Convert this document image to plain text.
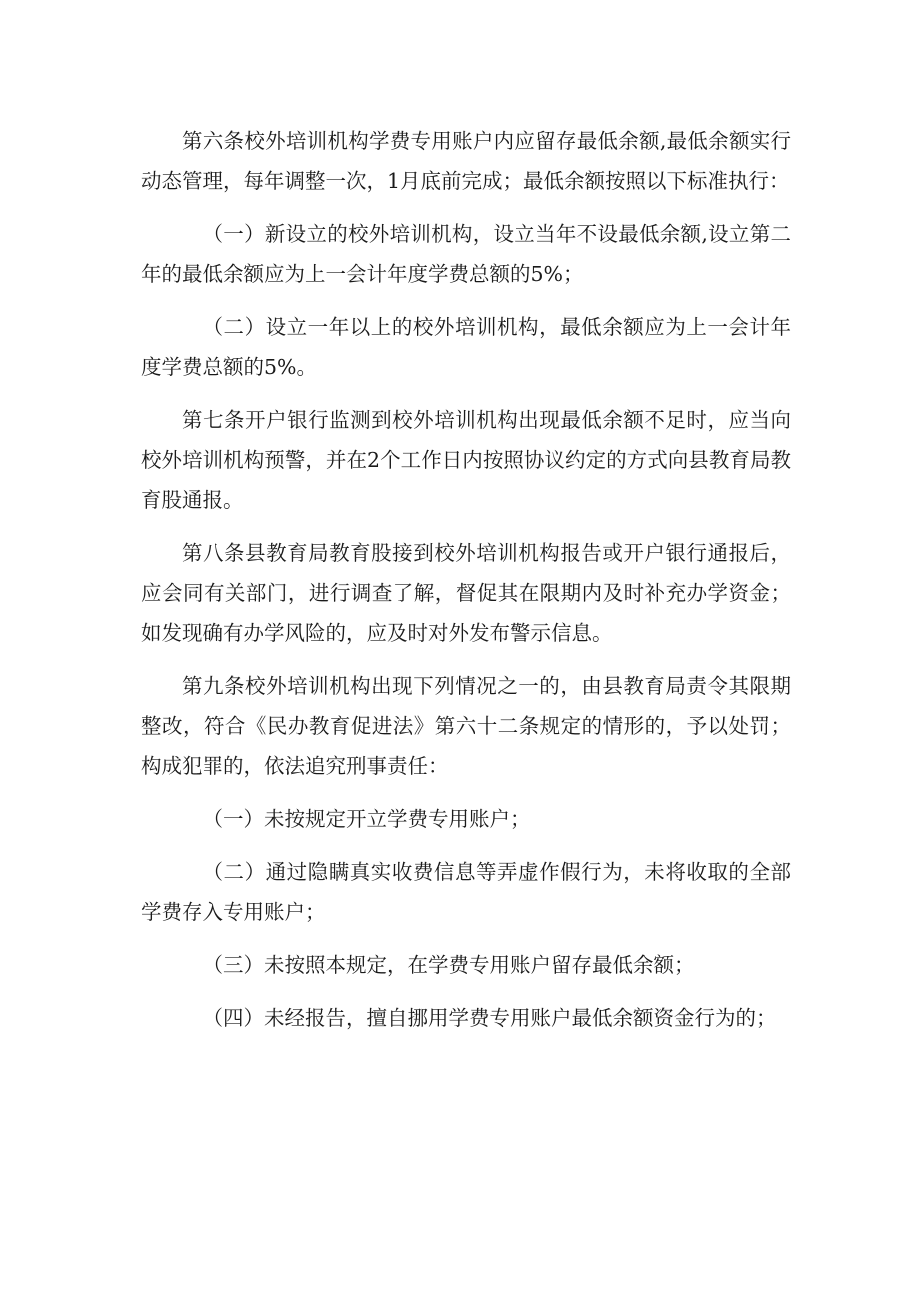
第六条校外培训机构学费专用账户内应留存最低余额,最低余额实行动态管理，每年调整一次，1月底前完成；最低余额按照以下标准执行：

（一）新设立的校外培训机构，设立当年不设最低余额,设立第二年的最低余额应为上一会计年度学费总额的5%；

（二）设立一年以上的校外培训机构，最低余额应为上一会计年度学费总额的5%。

第七条开户银行监测到校外培训机构出现最低余额不足时，应当向校外培训机构预警，并在2个工作日内按照协议约定的方式向县教育局教育股通报。

第八条县教育局教育股接到校外培训机构报告或开户银行通报后，应会同有关部门，进行调查了解，督促其在限期内及时补充办学资金；如发现确有办学风险的，应及时对外发布警示信息。

第九条校外培训机构出现下列情况之一的，由县教育局责令其限期整改，符合《民办教育促进法》第六十二条规定的情形的，予以处罚；构成犯罪的，依法追究刑事责任：

（一）未按规定开立学费专用账户；

（二）通过隐瞒真实收费信息等弄虚作假行为，未将收取的全部学费存入专用账户；

（三）未按照本规定，在学费专用账户留存最低余额；

（四）未经报告，擅自挪用学费专用账户最低余额资金行为的；
